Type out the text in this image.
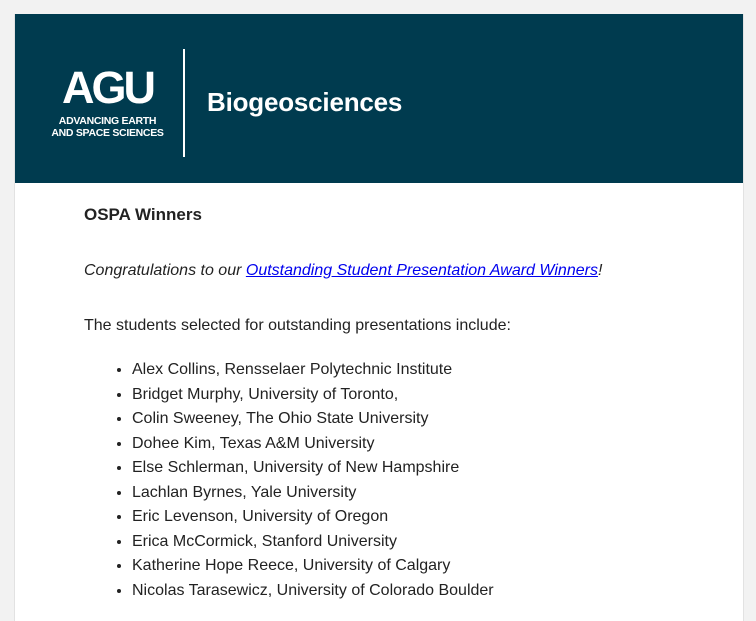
AGU
ADVANCING EARTH
AND SPACE SCIENCES
Biogeosciences
OSPA Winners
Congratulations to our Outstanding Student Presentation Award Winners!
The students selected for outstanding presentations include:
• Alex Collins, Rensselaer Polytechnic Institute
• Bridget Murphy, University of Toronto,
• Colin Sweeney, The Ohio State University
• Dohee Kim, Texas A&M University
• Else Schlerman, University of New Hampshire
• Lachlan Byrnes, Yale University
• Eric Levenson, University of Oregon
• Erica McCormick, Stanford University
• Katherine Hope Reece, University of Calgary
• Nicolas Tarasewicz, University of Colorado Boulder
